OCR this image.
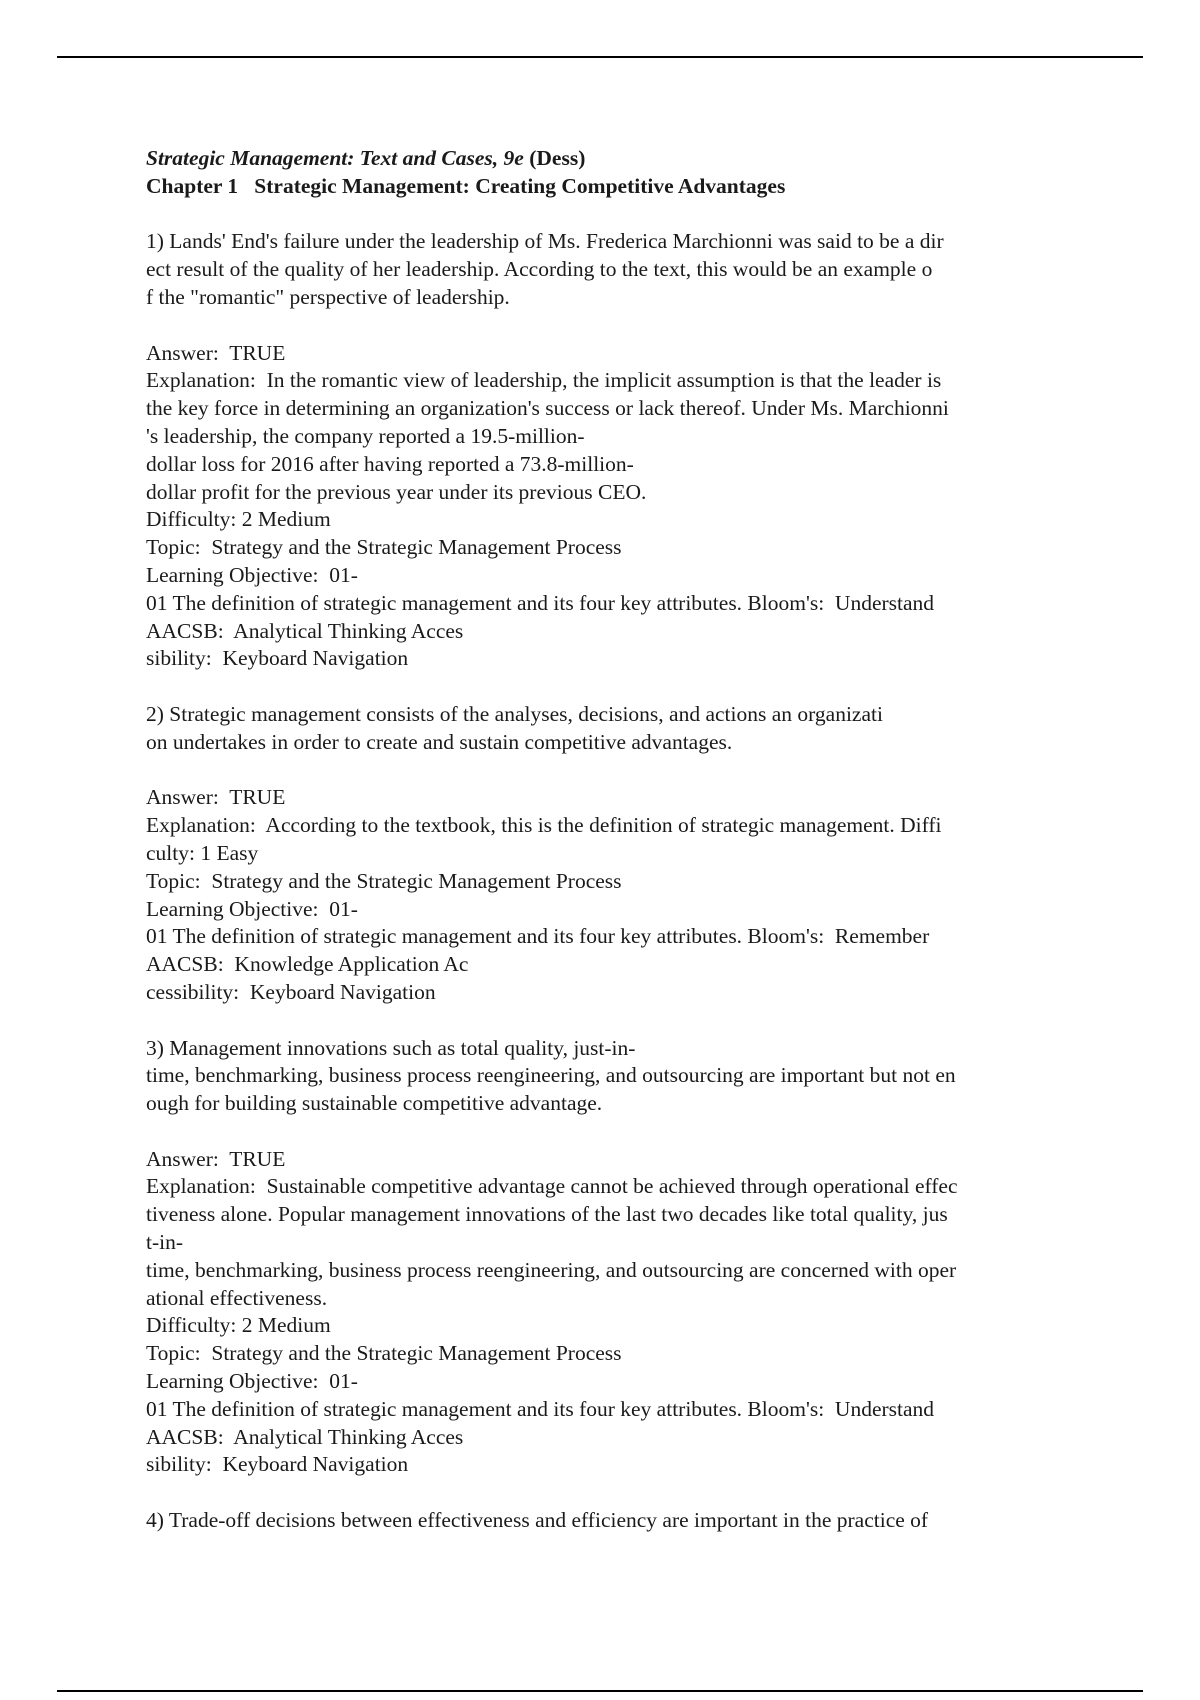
Strategic Management: Text and Cases, 9e (Dess)
Chapter 1   Strategic Management: Creating Competitive Advantages
1) Lands' End's failure under the leadership of Ms. Frederica Marchionni was said to be a dir
ect result of the quality of her leadership. According to the text, this would be an example o
f the "romantic" perspective of leadership.
Answer:  TRUE
Explanation:  In the romantic view of leadership, the implicit assumption is that the leader is
the key force in determining an organization's success or lack thereof. Under Ms. Marchionni
's leadership, the company reported a 19.5-million-
dollar loss for 2016 after having reported a 73.8-million-
dollar profit for the previous year under its previous CEO.
Difficulty: 2 Medium
Topic:  Strategy and the Strategic Management Process
Learning Objective:  01-
01 The definition of strategic management and its four key attributes. Bloom's:  Understand
AACSB:  Analytical Thinking Acces
sibility:  Keyboard Navigation
2) Strategic management consists of the analyses, decisions, and actions an organizati
on undertakes in order to create and sustain competitive advantages.
Answer:  TRUE
Explanation:  According to the textbook, this is the definition of strategic management. Diffi
culty: 1 Easy
Topic:  Strategy and the Strategic Management Process
Learning Objective:  01-
01 The definition of strategic management and its four key attributes. Bloom's:  Remember
AACSB:  Knowledge Application Ac
cessibility:  Keyboard Navigation
3) Management innovations such as total quality, just-in-
time, benchmarking, business process reengineering, and outsourcing are important but not en
ough for building sustainable competitive advantage.
Answer:  TRUE
Explanation:  Sustainable competitive advantage cannot be achieved through operational effec
tiveness alone. Popular management innovations of the last two decades like total quality, jus
t-in-
time, benchmarking, business process reengineering, and outsourcing are concerned with oper
ational effectiveness.
Difficulty: 2 Medium
Topic:  Strategy and the Strategic Management Process
Learning Objective:  01-
01 The definition of strategic management and its four key attributes. Bloom's:  Understand
AACSB:  Analytical Thinking Acces
sibility:  Keyboard Navigation
4) Trade-off decisions between effectiveness and efficiency are important in the practice of
